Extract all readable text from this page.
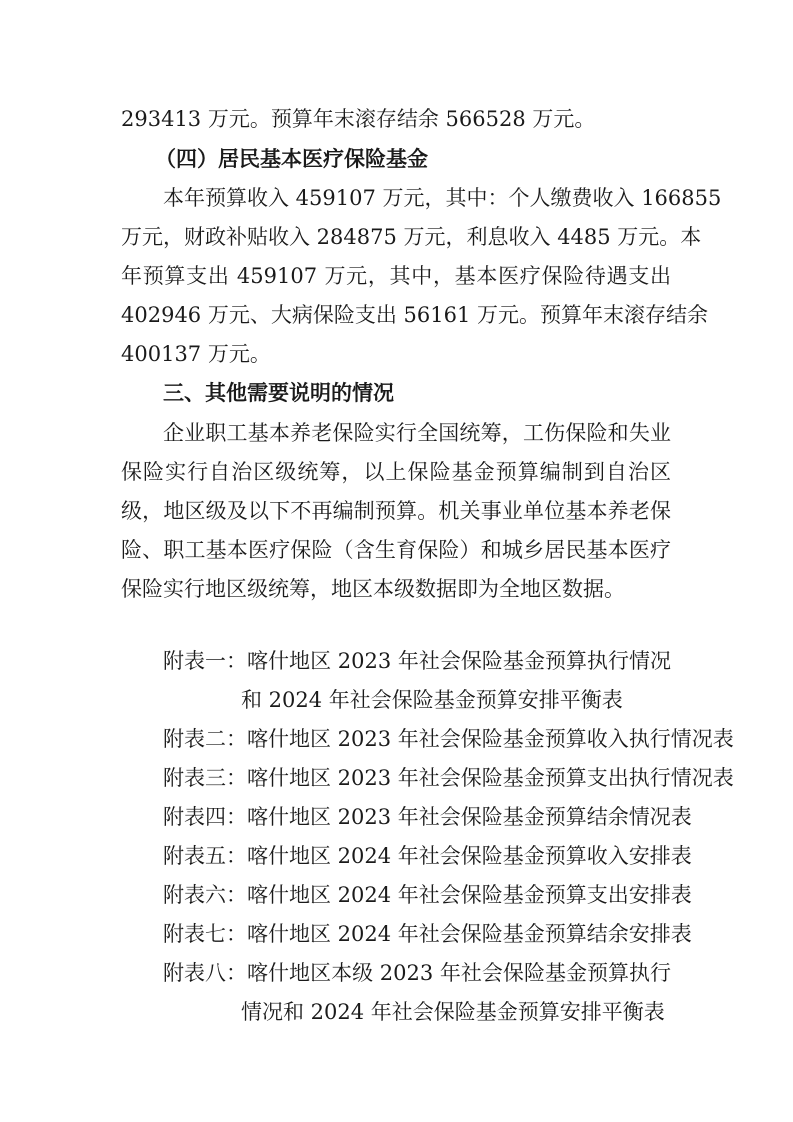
293413 万元。预算年末滚存结余 566528 万元。

（四）居民基本医疗保险基金

本年预算收入 459107 万元，其中：个人缴费收入 166855

万元，财政补贴收入 284875 万元，利息收入 4485 万元。本

年预算支出 459107 万元，其中，基本医疗保险待遇支出

402946 万元、大病保险支出 56161 万元。预算年末滚存结余

400137 万元。

三、其他需要说明的情况

企业职工基本养老保险实行全国统筹，工伤保险和失业

保险实行自治区级统筹，以上保险基金预算编制到自治区

级，地区级及以下不再编制预算。机关事业单位基本养老保

险、职工基本医疗保险（含生育保险）和城乡居民基本医疗

保险实行地区级统筹，地区本级数据即为全地区数据。

附表一：喀什地区 2023 年社会保险基金预算执行情况

和 2024 年社会保险基金预算安排平衡表

附表二：喀什地区 2023 年社会保险基金预算收入执行情况表

附表三：喀什地区 2023 年社会保险基金预算支出执行情况表

附表四：喀什地区 2023 年社会保险基金预算结余情况表

附表五：喀什地区 2024 年社会保险基金预算收入安排表

附表六：喀什地区 2024 年社会保险基金预算支出安排表

附表七：喀什地区 2024 年社会保险基金预算结余安排表

附表八：喀什地区本级 2023 年社会保险基金预算执行

情况和 2024 年社会保险基金预算安排平衡表
